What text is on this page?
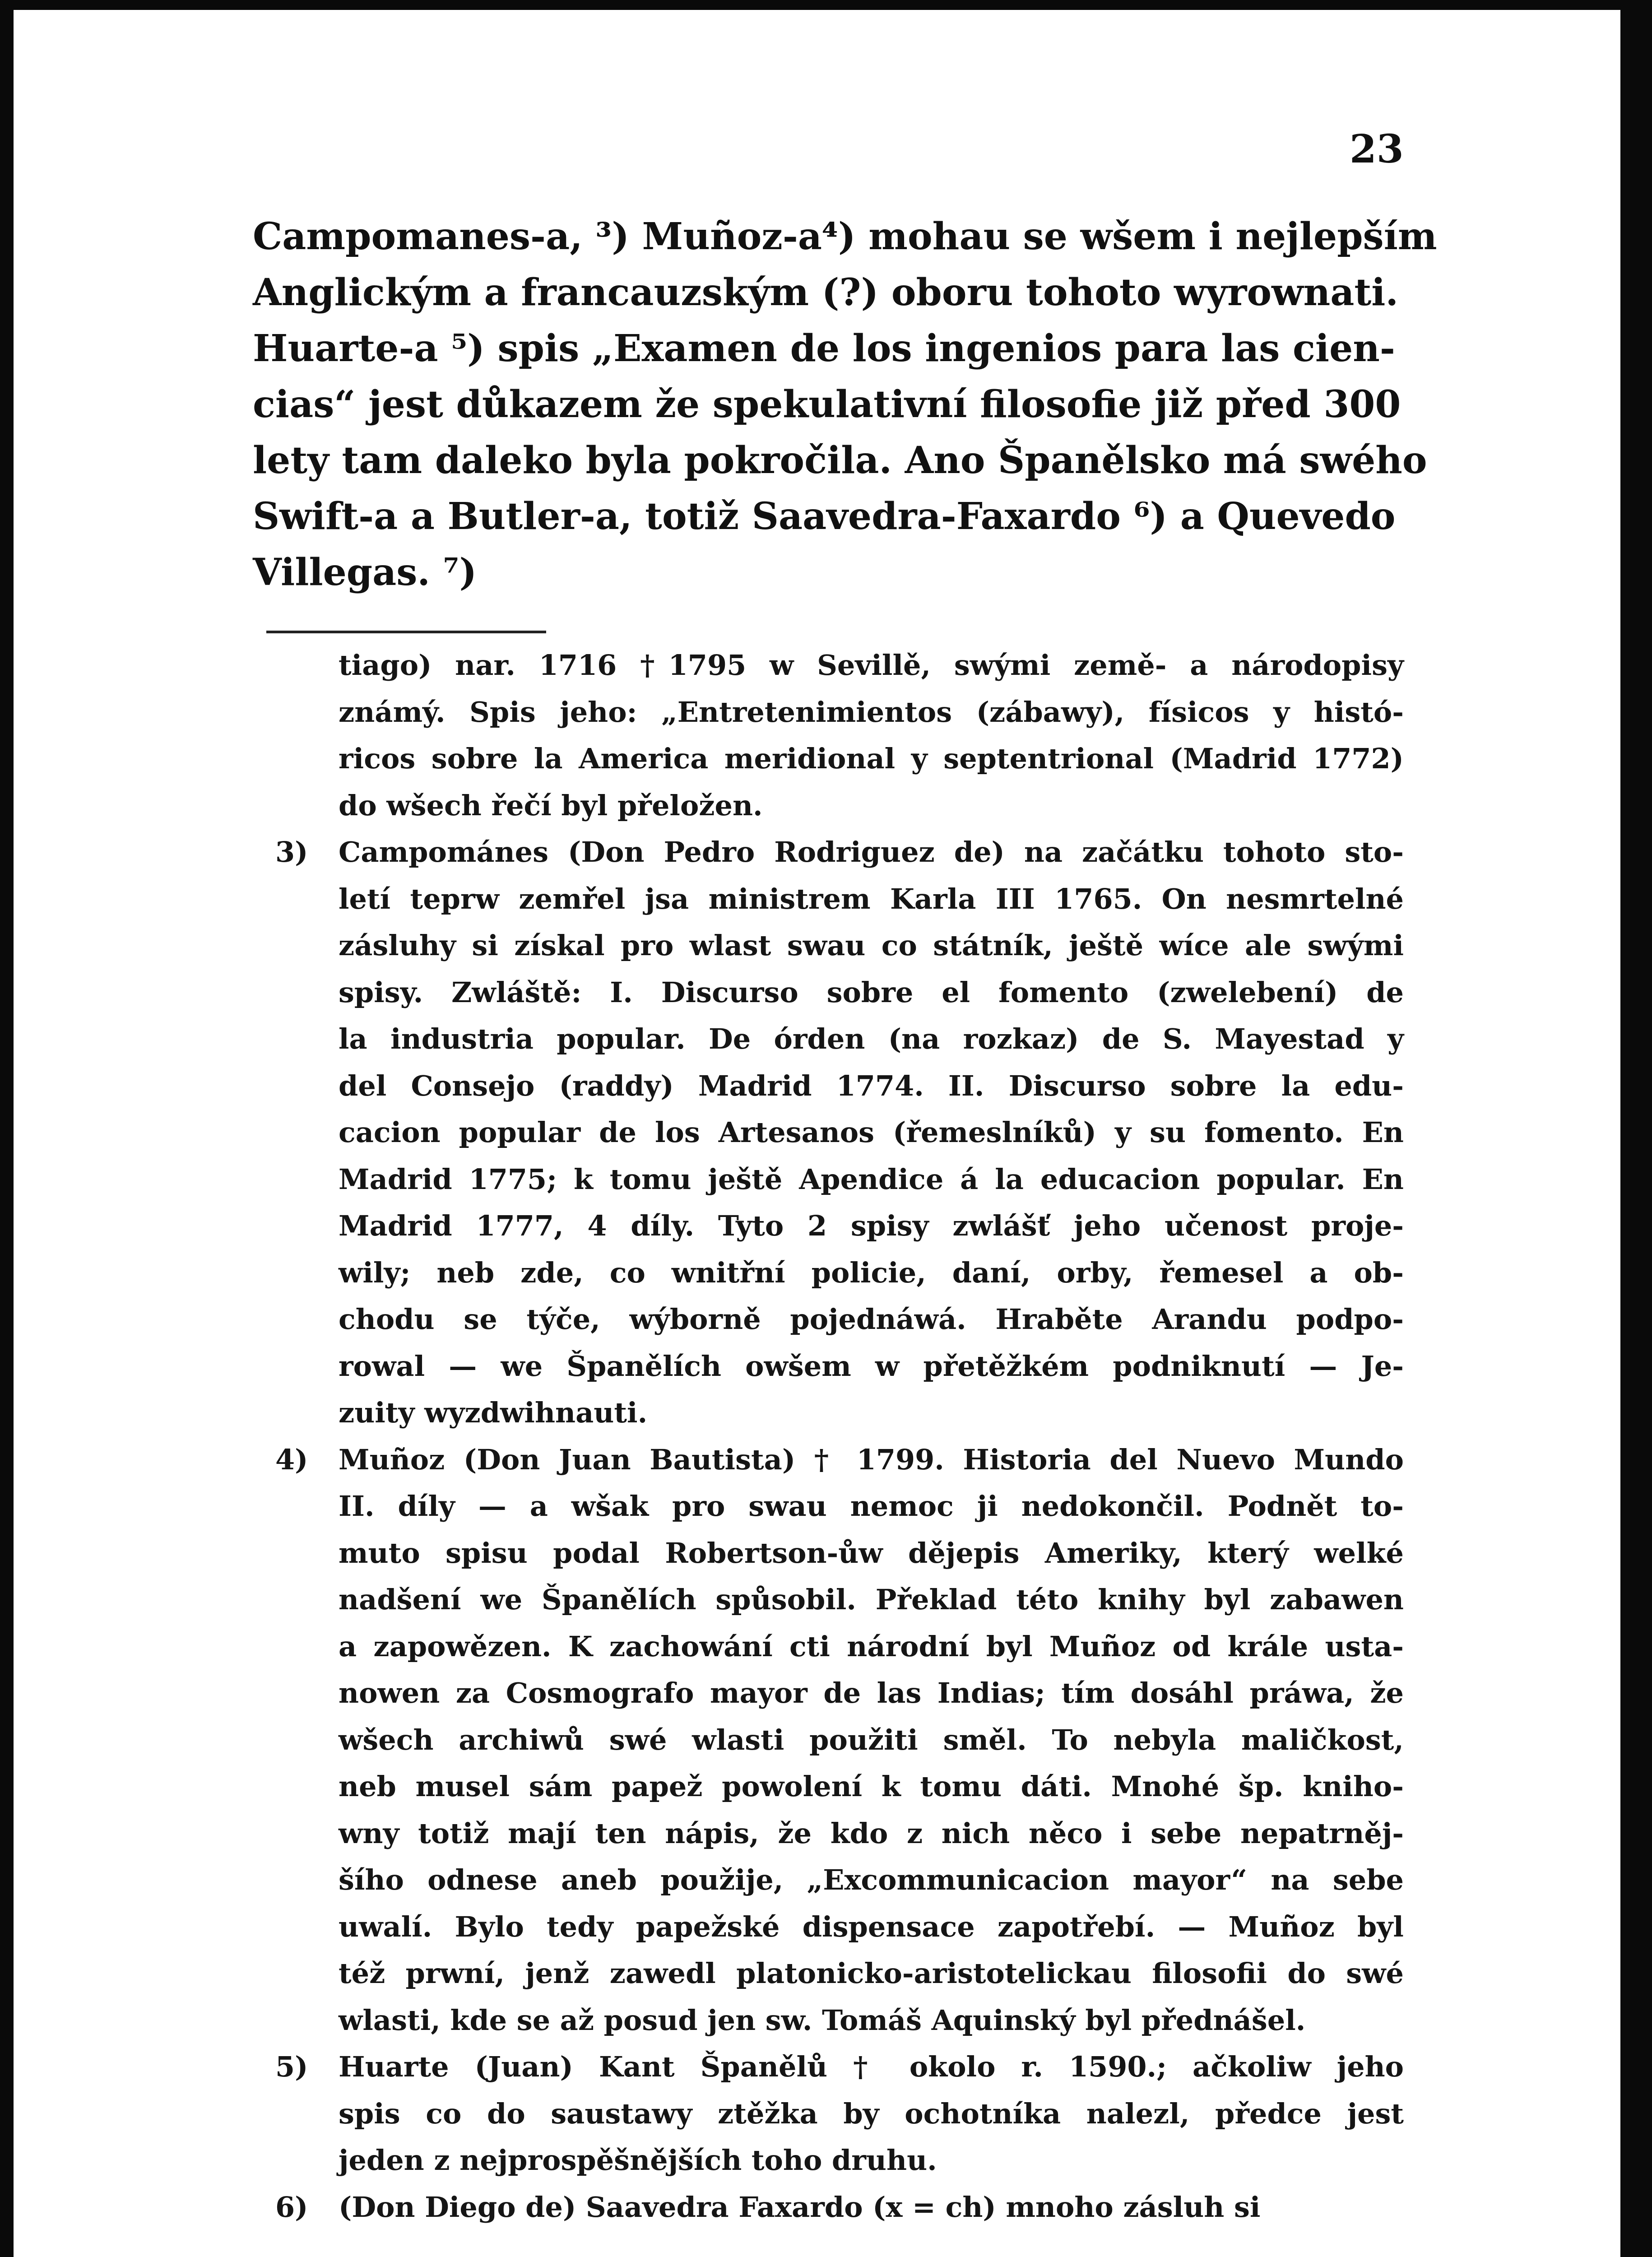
23
Campomanes-a, ³) Muñoz-a⁴) mohau se wšem i nejlepším
Anglickým a francauzským (?) oboru tohoto wyrownati.
Huarte-a ⁵) spis „Examen de los ingenios para las cien-
cias“ jest důkazem že spekulativní filosofie již před 300
lety tam daleko byla pokročila. Ano Španělsko má swého
Swift-a a Butler-a, totiž Saavedra-Faxardo ⁶) a Quevedo
Villegas. ⁷)
tiago) nar. 1716 †1795 w Sevillě, swými země- a národopisy
známý. Spis jeho: „Entretenimientos (zábawy), físicos y histó-
ricos sobre la America meridional y septentrional (Madrid 1772)
do wšech řečí byl přeložen.
3) Campománes (Don Pedro Rodriguez de) na začátku tohoto sto-
letí teprw zemřel jsa ministrem Karla III 1765. On nesmrtelné
zásluhy si získal pro wlast swau co státník, ještě wíce ale swými
spisy. Zwláště: I. Discurso sobre el fomento (zwelebení) de
la industria popular. De órden (na rozkaz) de S. Mayestad y
del Consejo (raddy) Madrid 1774. II. Discurso sobre la edu-
cacion popular de los Artesanos (řemeslníků) y su fomento. En
Madrid 1775; k tomu ještě Apendice á la educacion popular. En
Madrid 1777, 4 díly. Tyto 2 spisy zwlášť jeho učenost proje-
wily; neb zde, co wnitřní policie, daní, orby, řemesel a ob-
chodu se týče, wýborně pojednáwá. Hraběte Arandu podpo-
rowal — we Španělích owšem w přetěžkém podniknutí — Je-
zuity wyzdwihnauti.
4) Muñoz (Don Juan Bautista) † 1799. Historia del Nuevo Mundo
II. díly — a wšak pro swau nemoc ji nedokončil. Podnět to-
muto spisu podal Robertson-ůw dějepis Ameriky, který welké
nadšení we Španělích spůsobil. Překlad této knihy byl zabawen
a zapowězen. K zachowání cti národní byl Muñoz od krále usta-
nowen za Cosmografo mayor de las Indias; tím dosáhl práwa, že
wšech archiwů swé wlasti použiti směl. To nebyla maličkost,
neb musel sám papež powolení k tomu dáti. Mnohé šp. kniho-
wny totiž mají ten nápis, že kdo z nich něco i sebe nepatrněj-
šího odnese aneb použije, „Excommunicacion mayor“ na sebe
uwalí. Bylo tedy papežské dispensace zapotřebí. — Muñoz byl
též prwní, jenž zawedl platonicko-aristotelickau filosofii do swé
wlasti, kde se až posud jen sw. Tomáš Aquinský byl přednášel.
5) Huarte (Juan) Kant Španělů † okolo r. 1590.; ačkoliw jeho
spis co do saustawy ztěžka by ochotníka nalezl, předce jest
jeden z nejprospěšnějších toho druhu.
6) (Don Diego de) Saavedra Faxardo (x = ch) mnoho zásluh si
